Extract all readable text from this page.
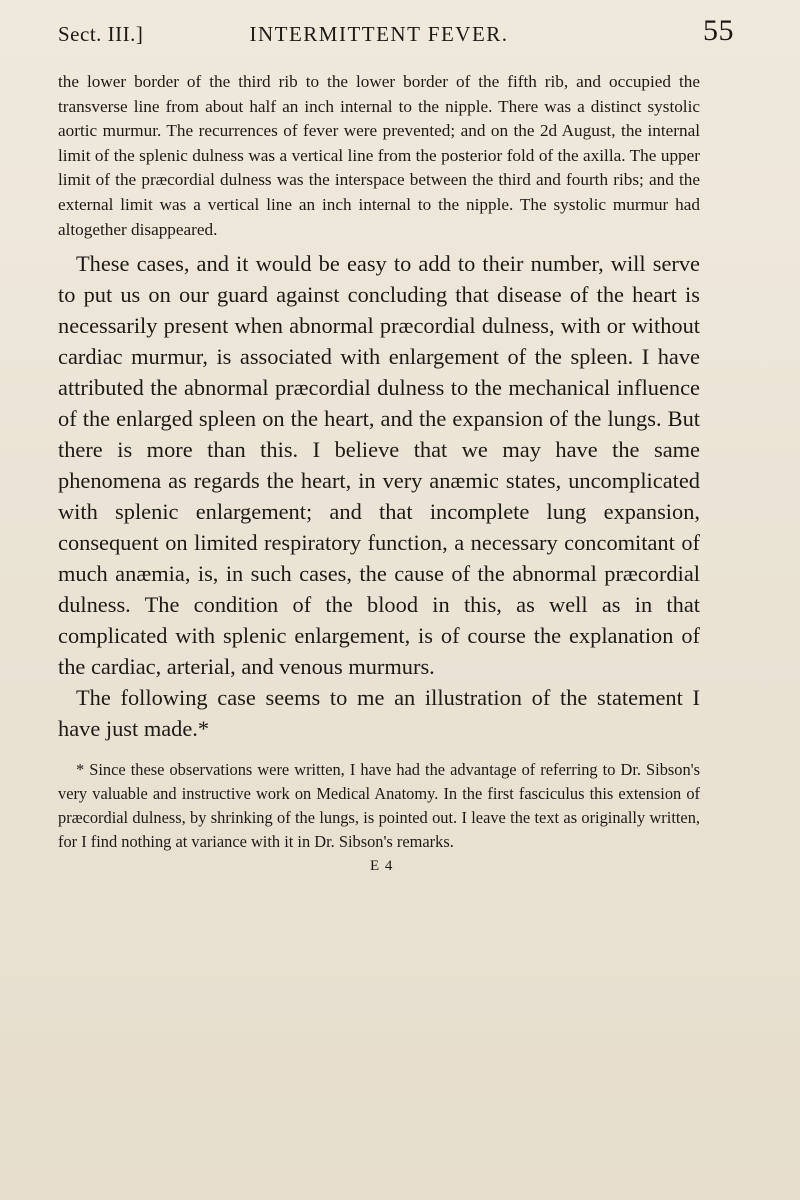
Sect. III.]	INTERMITTENT FEVER.	55

the lower border of the third rib to the lower border of the fifth rib, and occupied the transverse line from about half an inch internal to the nipple. There was a distinct systolic aortic murmur. The recurrences of fever were prevented; and on the 2d August, the internal limit of the splenic dulness was a vertical line from the posterior fold of the axilla. The upper limit of the præcordial dulness was the interspace between the third and fourth ribs; and the external limit was a vertical line an inch internal to the nipple. The systolic murmur had altogether disappeared.

These cases, and it would be easy to add to their number, will serve to put us on our guard against concluding that disease of the heart is necessarily present when abnormal præcordial dulness, with or without cardiac murmur, is associated with enlargement of the spleen. I have attributed the abnormal præcordial dulness to the mechanical influence of the enlarged spleen on the heart, and the expansion of the lungs. But there is more than this. I believe that we may have the same phenomena as regards the heart, in very anæmic states, uncomplicated with splenic enlargement; and that incomplete lung expansion, consequent on limited respiratory function, a necessary concomitant of much anæmia, is, in such cases, the cause of the abnormal præcordial dulness. The condition of the blood in this, as well as in that complicated with splenic enlargement, is of course the explanation of the cardiac, arterial, and venous murmurs.

The following case seems to me an illustration of the statement I have just made.*

* Since these observations were written, I have had the advantage of referring to Dr. Sibson's very valuable and instructive work on Medical Anatomy. In the first fasciculus this extension of præcordial dulness, by shrinking of the lungs, is pointed out. I leave the text as originally written, for I find nothing at variance with it in Dr. Sibson's remarks.

E 4
